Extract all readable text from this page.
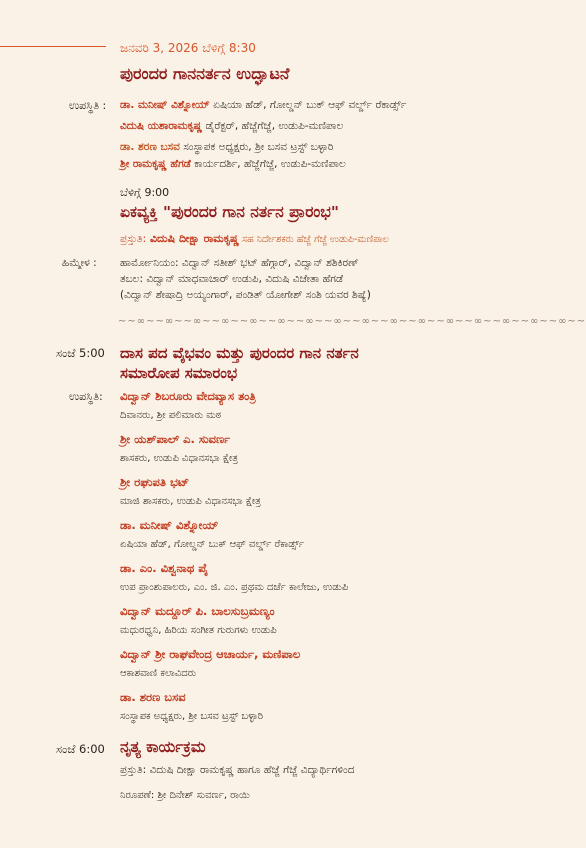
ಜನವರಿ 3, 2026 ಬೆಳಿಗ್ಗೆ 8:30
ಪುರಂದರ ಗಾನನರ್ತನ ಉದ್ಘಾಟನೆ
ಉಪಸ್ಥಿತಿ : ಡಾ. ಮನೀಷ್ ವಿಶ್ನೋಯ್ ಏಷಿಯಾ ಹೆಡ್, ಗೋಲ್ಡನ್ ಬುಕ್ ಆಫ್ ವರ್ಲ್ಡ್ ರೆಕಾರ್ಡ್ಸ್
ವಿದುಷಿ ಯಶಾರಾಮಕೃಷ್ಣ ಡೈರೆಕ್ಟರ್, ಹೆಜ್ಜೆಗೆಜ್ಜೆ, ಉಡುಪಿ-ಮಣಿಪಾಲ
ಡಾ. ಶರಣ ಬಸವ ಸಂಸ್ಥಾಪಕ ಅಧ್ಯಕ್ಷರು, ಶ್ರೀ ಬಸವ ಟ್ರಸ್ಟ್ ಬಳ್ಳಾರಿ
ಶ್ರೀ ರಾಮಕೃಷ್ಣ ಹೆಗಡೆ ಕಾರ್ಯದರ್ಶಿ, ಹೆಜ್ಜೆಗೆಜ್ಜೆ, ಉಡುಪಿ-ಮಣಿಪಾಲ
ಬೆಳಿಗ್ಗೆ 9:00
ಏಕವ್ಯಕ್ತಿ "ಪುರಂದರ ಗಾನ ನರ್ತನ ಪ್ರಾರಂಭ"
ಪ್ರಸ್ತುತಿ: ವಿದುಷಿ ದೀಕ್ಷಾ ರಾಮಕೃಷ್ಣ ಸಹ ನಿರ್ದೇಶಕರು ಹೆಜ್ಜೆ ಗೆಜ್ಜೆ ಉಡುಪಿ-ಮಣಿಪಾಲ
ಹಿಮ್ಮೇಳ : ಹಾರ್ಮೋನಿಯಂ: ವಿದ್ವಾನ್ ಸತೀಶ್ ಭಟ್ ಹೆಗ್ಗಾರ್, ವಿದ್ವಾನ್ ಶಶಿಕಿರಣ್
ತಬಲ: ವಿದ್ವಾನ್ ಮಾಧವಾಚಾರ್ ಉಡುಪಿ, ವಿದುಷಿ ವಿಜೇತಾ ಹೆಗಡೆ
(ವಿದ್ವಾನ್ ಶೇಷಾದ್ರಿ ಅಯ್ಯಂಗಾರ್, ಪಂಡಿತ್ ಯೋಗೇಶ್ ಸಂಶಿ ಯವರ ಶಿಷ್ಯೆ)
~~∞~~∞~~∞~~∞~~∞~~∞~~∞~~∞~~∞~~∞~~∞~~∞~~∞~~∞~~∞~~∞~~
ಸಂಜೆ 5:00 ದಾಸ ಪದ ವೈಭವಂ ಮತ್ತು ಪುರಂದರ ಗಾನ ನರ್ತನ
ಸಮಾರೋಪ ಸಮಾರಂಭ
ಉಪಸ್ಥಿತಿ: ವಿದ್ವಾನ್ ಶಿಬರೂರು ವೇದವ್ಯಾಸ ತಂತ್ರಿ
ದಿವಾನರು, ಶ್ರೀ ಪಲಿಮಾರು ಮಠ
ಶ್ರೀ ಯಶ್‌ಪಾಲ್ ಎ. ಸುವರ್ಣ
ಶಾಸಕರು, ಉಡುಪಿ ವಿಧಾನಸಭಾ ಕ್ಷೇತ್ರ
ಶ್ರೀ ರಘುಪತಿ ಭಟ್
ಮಾಜಿ ಶಾಸಕರು, ಉಡುಪಿ ವಿಧಾನಸಭಾ ಕ್ಷೇತ್ರ
ಡಾ. ಮನೀಷ್ ವಿಶ್ನೋಯ್
ಏಷಿಯಾ ಹೆಡ್, ಗೋಲ್ಡನ್ ಬುಕ್ ಆಫ್ ವರ್ಲ್ಡ್ ರೆಕಾರ್ಡ್ಸ್
ಡಾ. ಎಂ. ವಿಶ್ವನಾಥ ಪೈ
ಉಪ ಪ್ರಾಂಶುಪಾಲರು, ಎಂ. ಜಿ. ಎಂ. ಪ್ರಥಮ ದರ್ಜೆ ಕಾಲೇಜು, ಉಡುಪಿ
ವಿದ್ವಾನ್ ಮದ್ದೂರ್ ಪಿ. ಬಾಲಸುಬ್ರಮಣ್ಯಂ
ಮಧುರಧ್ವನಿ, ಹಿರಿಯ ಸಂಗೀತ ಗುರುಗಳು ಉಡುಪಿ
ವಿದ್ವಾನ್ ಶ್ರೀ ರಾಘವೇಂದ್ರ ಆಚಾರ್ಯ, ಮಣಿಪಾಲ
ಆಕಾಶವಾಣಿ ಕಲಾವಿದರು
ಡಾ. ಶರಣ ಬಸವ
ಸಂಸ್ಥಾಪಕ ಅಧ್ಯಕ್ಷರು, ಶ್ರೀ ಬಸವ ಟ್ರಸ್ಟ್ ಬಳ್ಳಾರಿ
ಸಂಜೆ 6:00 ನೃತ್ಯ ಕಾರ್ಯಕ್ರಮ
ಪ್ರಸ್ತುತಿ: ವಿದುಷಿ ದೀಕ್ಷಾ ರಾಮಕೃಷ್ಣ ಹಾಗೂ ಹೆಜ್ಜೆ ಗೆಜ್ಜೆ ವಿದ್ಯಾರ್ಥಿಗಳಿಂದ
ನಿರೂಪಣೆ: ಶ್ರೀ ದಿನೇಶ್ ಸುವರ್ಣ, ರಾಯಿ
